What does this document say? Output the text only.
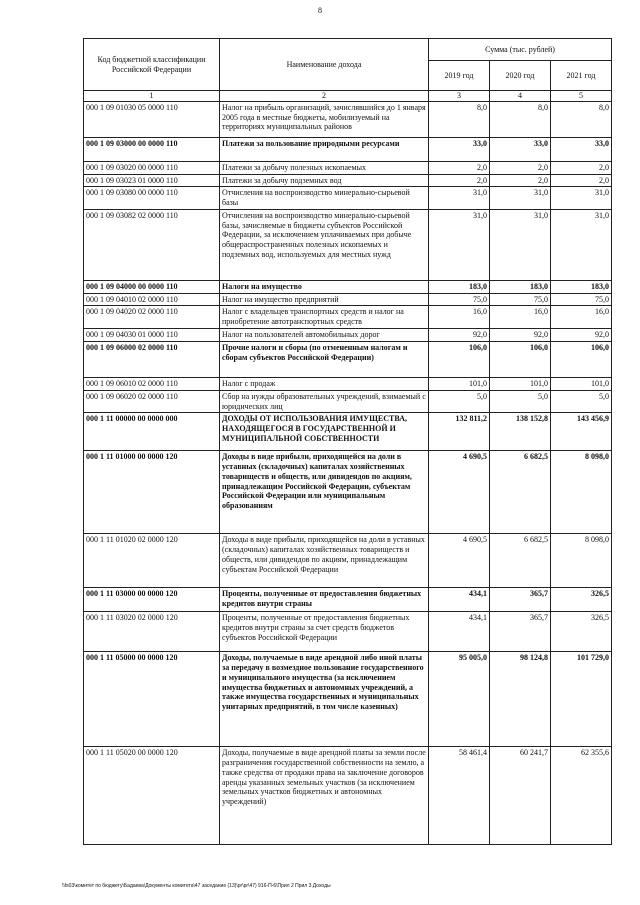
8
Код бюджетной классификации Российской Федерации	Наименование дохода	Сумма (тыс. рублей)		
		2019 год	2020 год	2021 год
1	2	3	4	5
000 1 09 01030 05 0000 110	Налог на прибыль организаций, зачислявшийся до 1 января 2005 года в местные бюджеты, мобилизуемый на территориях муниципальных районов	8,0	8,0	8,0
000 1 09 03000 00 0000 110	Платежи за пользование природными ресурсами	33,0	33,0	33,0
000 1 09 03020 00 0000 110	Платежи за добычу полезных ископаемых	2,0	2,0	2,0
000 1 09 03023 01 0000 110	Платежи за добычу подземных вод	2,0	2,0	2,0
000 1 09 03080 00 0000 110	Отчисления на воспроизводство минерально-сырьевой базы	31,0	31,0	31,0
000 1 09 03082 02 0000 110	Отчисления на воспроизводство минерально-сырьевой базы, зачисляемые в бюджеты субъектов Российской Федерации, за исключением уплачиваемых при добыче общераспространенных полезных ископаемых и подземных вод, используемых для местных нужд	31,0	31,0	31,0
000 1 09 04000 00 0000 110	Налоги на имущество	183,0	183,0	183,0
000 1 09 04010 02 0000 110	Налог на имущество предприятий	75,0	75,0	75,0
000 1 09 04020 02 0000 110	Налог с владельцев транспортных средств и налог на приобретение автотранспортных средств	16,0	16,0	16,0
000 1 09 04030 01 0000 110	Налог на пользователей автомобильных дорог	92,0	92,0	92,0
000 1 09 06000 02 0000 110	Прочие налоги и сборы (по отмененным налогам и сборам субъектов Российской Федерации)	106,0	106,0	106,0
000 1 09 06010 02 0000 110	Налог с продаж	101,0	101,0	101,0
000 1 09 06020 02 0000 110	Сбор на нужды образовательных учреждений, взимаемый с юридических лиц	5,0	5,0	5,0
000 1 11 00000 00 0000 000	ДОХОДЫ ОТ ИСПОЛЬЗОВАНИЯ ИМУЩЕСТВА, НАХОДЯЩЕГОСЯ В ГОСУДАРСТВЕННОЙ И МУНИЦИПАЛЬНОЙ СОБСТВЕННОСТИ	132 811,2	138 152,8	143 456,9
000 1 11 01000 00 0000 120	Доходы в виде прибыли, приходящейся на доли в уставных (складочных) капиталах хозяйственных товариществ и обществ, или дивидендов по акциям, принадлежащим Российской Федерации, субъектам Российской Федерации или муниципальным образованиям	4 690,5	6 682,5	8 098,0
000 1 11 01020 02 0000 120	Доходы в виде прибыли, приходящейся на доли в уставных (складочных) капиталах хозяйственных товариществ и обществ, или дивидендов по акциям, принадлежащим субъектам Российской Федерации	4 690,5	6 682,5	8 098,0
000 1 11 03000 00 0000 120	Проценты, полученные от предоставления бюджетных кредитов внутри страны	434,1	365,7	326,5
000 1 11 03020 02 0000 120	Проценты, полученные от предоставления бюджетных кредитов внутри страны за счет средств бюджетов субъектов Российской Федерации	434,1	365,7	326,5
000 1 11 05000 00 0000 120	Доходы, получаемые в виде арендной либо иной платы за передачу в возмездное пользование государственного и муниципального имущества (за исключением имущества бюджетных и автономных учреждений, а также имущества государственных и муниципальных унитарных предприятий, в том числе казенных)	95 005,0	98 124,8	101 729,0
000 1 11 05020 00 0000 120	Доходы, получаемые в виде арендной платы за земли после разграничения государственной собственности на землю, а также средства от продажи права на заключение договоров аренды указанных земельных участков (за исключением земельных участков бюджетных и автономных учреждений)	58 461,4	60 241,7	62 355,6
\\fs03\комитет по бюджету\Бадаева\Документы комитета\47 заседание (13)\pr\pr\47) 916-П-6\Прил 2 Прил 3 Доходы
